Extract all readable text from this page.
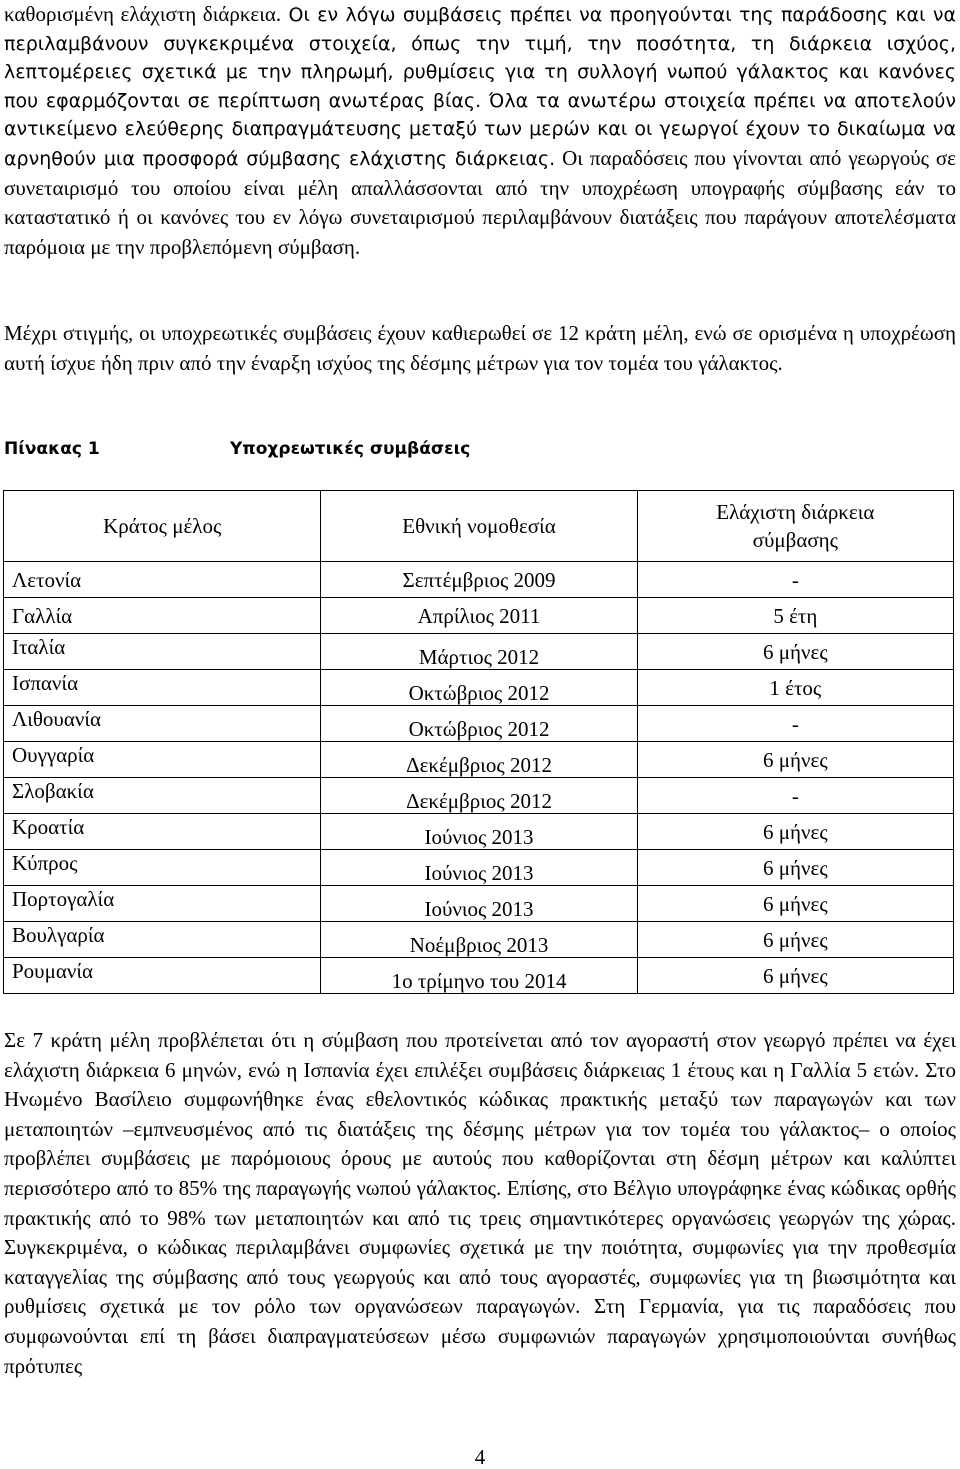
καθορισμένη ελάχιστη διάρκεια. Οι εν λόγω συμβάσεις πρέπει να προηγούνται της παράδοσης και να περιλαμβάνουν συγκεκριμένα στοιχεία, όπως την τιμή, την ποσότητα, τη διάρκεια ισχύος, λεπτομέρειες σχετικά με την πληρωμή, ρυθμίσεις για τη συλλογή νωπού γάλακτος και κανόνες που εφαρμόζονται σε περίπτωση ανωτέρας βίας. Όλα τα ανωτέρω στοιχεία πρέπει να αποτελούν αντικείμενο ελεύθερης διαπραγμάτευσης μεταξύ των μερών και οι γεωργοί έχουν το δικαίωμα να αρνηθούν μια προσφορά σύμβασης ελάχιστης διάρκειας. Οι παραδόσεις που γίνονται από γεωργούς σε συνεταιρισμό του οποίου είναι μέλη απαλλάσσονται από την υποχρέωση υπογραφής σύμβασης εάν το καταστατικό ή οι κανόνες του εν λόγω συνεταιρισμού περιλαμβάνουν διατάξεις που παράγουν αποτελέσματα παρόμοια με την προβλεπόμενη σύμβαση.

Μέχρι στιγμής, οι υποχρεωτικές συμβάσεις έχουν καθιερωθεί σε 12 κράτη μέλη, ενώ σε ορισμένα η υποχρέωση αυτή ίσχυε ήδη πριν από την έναρξη ισχύος της δέσμης μέτρων για τον τομέα του γάλακτος.

Πίνακας 1	Υποχρεωτικές συμβάσεις
Κράτος μέλος	Εθνική νομοθεσία	Ελάχιστη διάρκεια σύμβασης
Λετονία	Σεπτέμβριος 2009	-
Γαλλία	Απρίλιος 2011	5 έτη
Ιταλία	Μάρτιος 2012	6 μήνες
Ισπανία	Οκτώβριος 2012	1 έτος
Λιθουανία	Οκτώβριος 2012	-
Ουγγαρία	Δεκέμβριος 2012	6 μήνες
Σλοβακία	Δεκέμβριος 2012	-
Κροατία	Ιούνιος 2013	6 μήνες
Κύπρος	Ιούνιος 2013	6 μήνες
Πορτογαλία	Ιούνιος 2013	6 μήνες
Βουλγαρία	Νοέμβριος 2013	6 μήνες
Ρουμανία	1ο τρίμηνο του 2014	6 μήνες

Σε 7 κράτη μέλη προβλέπεται ότι η σύμβαση που προτείνεται από τον αγοραστή στον γεωργό πρέπει να έχει ελάχιστη διάρκεια 6 μηνών, ενώ η Ισπανία έχει επιλέξει συμβάσεις διάρκειας 1 έτους και η Γαλλία 5 ετών. Στο Ηνωμένο Βασίλειο συμφωνήθηκε ένας εθελοντικός κώδικας πρακτικής μεταξύ των παραγωγών και των μεταποιητών –εμπνευσμένος από τις διατάξεις της δέσμης μέτρων για τον τομέα του γάλακτος– ο οποίος προβλέπει συμβάσεις με παρόμοιους όρους με αυτούς που καθορίζονται στη δέσμη μέτρων και καλύπτει περισσότερο από το 85% της παραγωγής νωπού γάλακτος. Επίσης, στο Βέλγιο υπογράφηκε ένας κώδικας ορθής πρακτικής από το 98% των μεταποιητών και από τις τρεις σημαντικότερες οργανώσεις γεωργών της χώρας. Συγκεκριμένα, ο κώδικας περιλαμβάνει συμφωνίες σχετικά με την ποιότητα, συμφωνίες για την προθεσμία καταγγελίας της σύμβασης από τους γεωργούς και από τους αγοραστές, συμφωνίες για τη βιωσιμότητα και ρυθμίσεις σχετικά με τον ρόλο των οργανώσεων παραγωγών. Στη Γερμανία, για τις παραδόσεις που συμφωνούνται επί τη βάσει διαπραγματεύσεων μέσω συμφωνιών παραγωγών χρησιμοποιούνται συνήθως πρότυπες

4
